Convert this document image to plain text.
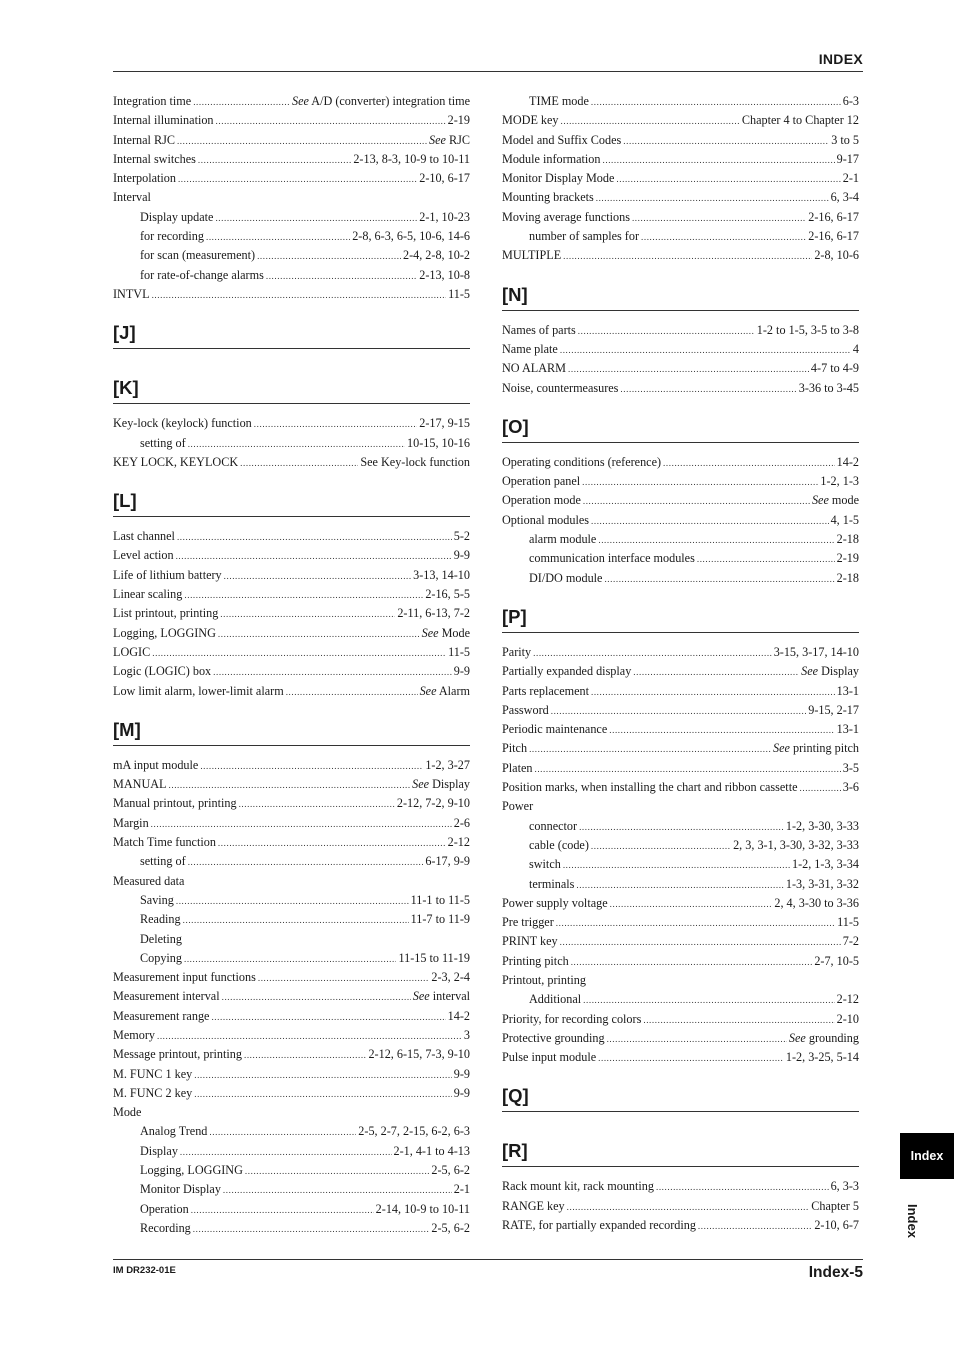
INDEX
Integration time .....	See A/D (converter) integration time
Internal illumination .....	2-19
Internal RJC .....	See RJC
Internal switches .....	2-13, 8-3, 10-9 to 10-11
Interpolation .....	2-10, 6-17
Interval
Display update .....	2-1, 10-23
for recording .....	2-8, 6-3, 6-5, 10-6, 14-6
for scan (measurement) .....	2-4, 2-8, 10-2
for rate-of-change alarms .....	2-13, 10-8
INTVL .....	11-5
[J]
[K]
Key-lock (keylock) function .....	2-17, 9-15
setting of .....	10-15, 10-16
KEY LOCK, KEYLOCK .....	See Key-lock function
[L]
Last channel .....	5-2
Level action .....	9-9
Life of lithium battery .....	3-13, 14-10
Linear scaling .....	2-16, 5-5
List printout, printing .....	2-11, 6-13, 7-2
Logging, LOGGING .....	See Mode
LOGIC .....	11-5
Logic (LOGIC) box .....	9-9
Low limit alarm, lower-limit alarm .....	See Alarm
[M]
mA input module .....	1-2, 3-27
MANUAL .....	See Display
Manual printout, printing .....	2-12, 7-2, 9-10
Margin .....	2-6
Match Time function .....	2-12
setting of .....	6-17, 9-9
Measured data
Saving .....	11-1 to 11-5
Reading .....	11-7 to 11-9
Deleting
Copying .....	11-15 to 11-19
Measurement input functions .....	2-3, 2-4
Measurement interval .....	See interval
Measurement range .....	14-2
Memory .....	3
Message printout, printing .....	2-12, 6-15, 7-3, 9-10
M. FUNC 1 key .....	9-9
M. FUNC 2 key .....	9-9
Mode
Analog Trend .....	2-5, 2-7, 2-15, 6-2, 6-3
Display .....	2-1, 4-1 to 4-13
Logging, LOGGING .....	2-5, 6-2
Monitor Display .....	2-1
Operation .....	2-14, 10-9 to 10-11
Recording .....	2-5, 6-2
TIME mode .....	6-3
MODE key .....	Chapter 4 to Chapter 12
Model and Suffix Codes .....	3 to 5
Module information .....	9-17
Monitor Display Mode .....	2-1
Mounting brackets .....	6, 3-4
Moving average functions .....	2-16, 6-17
number of samples for .....	2-16, 6-17
MULTIPLE .....	2-8, 10-6
[N]
Names of parts .....	1-2 to 1-5, 3-5 to 3-8
Name plate .....	4
NO ALARM .....	4-7 to 4-9
Noise, countermeasures .....	3-36 to 3-45
[O]
Operating conditions (reference) .....	14-2
Operation panel .....	1-2, 1-3
Operation mode .....	See mode
Optional modules .....	4, 1-5
alarm module .....	2-18
communication interface modules .....	2-19
DI/DO module .....	2-18
[P]
Parity .....	3-15, 3-17, 14-10
Partially expanded display .....	See Display
Parts replacement .....	13-1
Password .....	9-15, 2-17
Periodic maintenance .....	13-1
Pitch .....	See printing pitch
Platen .....	3-5
Position marks, when installing the chart and ribbon cassette .....	3-6
Power
connector .....	1-2, 3-30, 3-33
cable (code) .....	2, 3, 3-1, 3-30, 3-32, 3-33
switch .....	1-2, 1-3, 3-34
terminals .....	1-3, 3-31, 3-32
Power supply voltage .....	2, 4, 3-30 to 3-36
Pre trigger .....	11-5
PRINT key .....	7-2
Printing pitch .....	2-7, 10-5
Printout, printing
Additional .....	2-12
Priority, for recording colors .....	2-10
Protective grounding .....	See grounding
Pulse input module .....	1-2, 3-25, 5-14
[Q]
[R]
Rack mount kit, rack mounting .....	6, 3-3
RANGE key .....	Chapter 5
RATE, for partially expanded recording .....	2-10, 6-7
Index
Index
IM DR232-01E	Index-5
